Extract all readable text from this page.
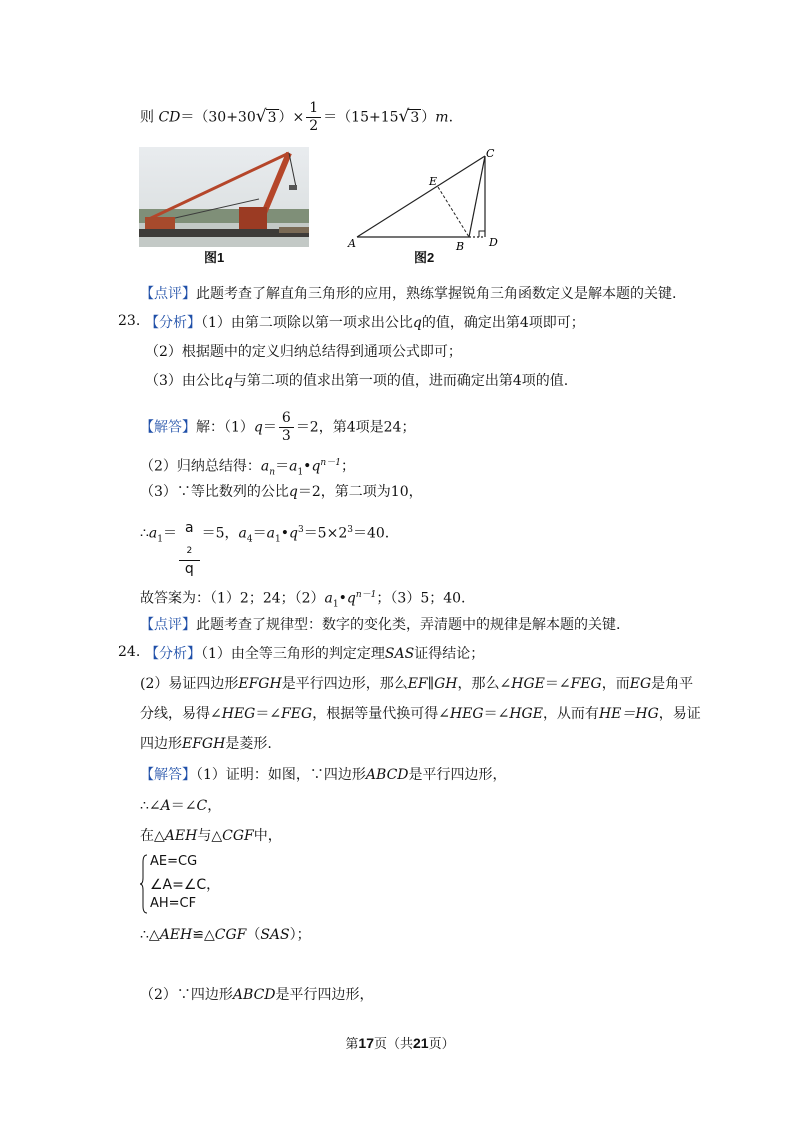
则 CD＝（30+30√3 ）× $\frac{1}{2} =(15+15√3$ ）m.
图1
A	B
C
D
E
图2
【点评】此题考查了解直角三角形的应用，熟练掌握锐角三角函数定义是解本题的关键.
23. 【分析】（1）由第二项除以第一项求出公比q的值，确定出第4项即可；
（2）根据题中的定义归纳总结得到通项公式即可；
（3）由公比q与第二项的值求出第一项的值，进而确定出第4项的值.
【解答】解：$(1)q= \frac{6}{3} =2$，第4项是24；
（2）归纳总结得：$a_n=a_1•q^{n-1}$；
（3）∵等比数列的公比q＝2，第二项为10，
$\therefore a_1= a$
$_2$
q ＝5，$a_4=a_1•q^3=5\times 2^3=40$.
故答案为：（1）2；24；$(2)a_1•q^{n-1}$；（3）5；40.
【点评】此题考查了规律型：数字的变化类，弄清题中的规律是解本题的关键.
24. 【分析】（1）由全等三角形的判定定理SAS证得结论；
(2）易证四边形EFGH是平行四边形，那么EF∥GH，那么∠HGE＝∠FEG，而EG是角平
分线，易得∠HEG＝∠FEG，根据等量代换可得∠HEG＝∠HGE，从而有HE＝HG，易证
四边形EFGH是菱形.
【解答】（1）证明：如图，∵四边形ABCD是平行四边形，
∴∠A＝∠C，
在△AEH与△CGF中，
AE=CG
∠A=∠C，
AH=CF
∴△AEH≌△CGF（SAS）；
（2）∵四边形ABCD是平行四边形，
第17页（共21页）
